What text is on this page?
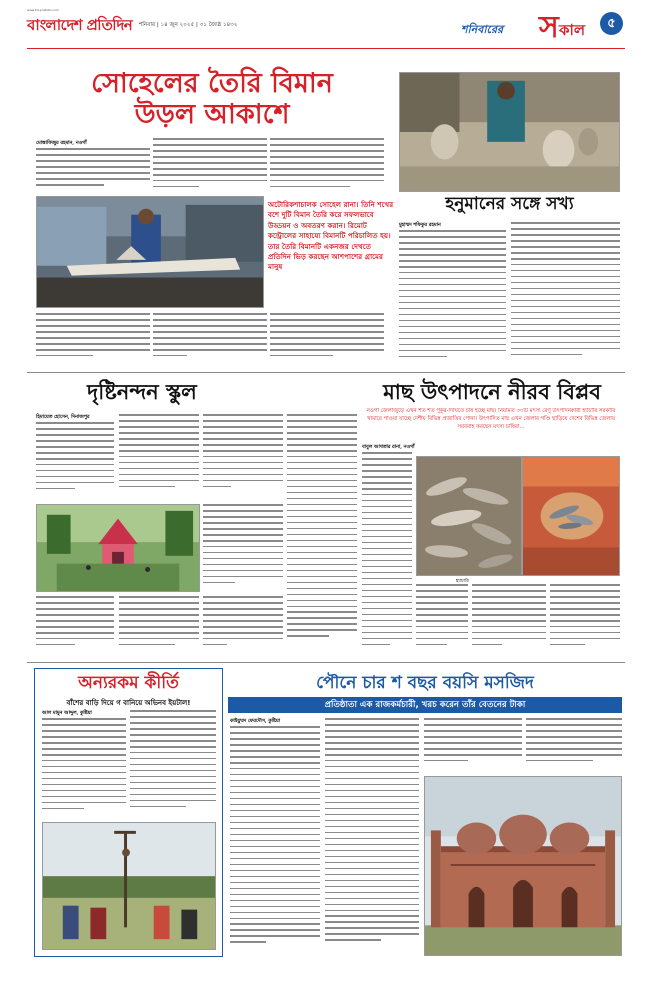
বাংলাদেশ প্রতিদিন
www.bd-pratidin.com
শনিবার | ১৪ জুন ২০২৫ | ৩১ জ্যৈষ্ঠ ১৪৩২	শনিবারের স কাল	৫
সোহেলের তৈরি বিমান
উড়ল আকাশে
মোস্তাফিজুর রহমান, নওগাঁ
অটোরিকশাচালক সোহেল রানা। তিনি শখের বশে দুটি বিমান তৈরি করে সফলভাবে উড্ডয়ন ও অবতরণ করান। রিমোট কন্ট্রোলের সাহায্যে বিমানটি পরিচালিত হয়। তার তৈরি বিমানটি একনজর দেখতে প্রতিদিন ভিড় করছেন আশপাশের গ্রামের মানুষ
হনুমানের সঙ্গে সখ্য
মুহাম্মদ শফিকুর রহমান
দৃষ্টিনন্দন স্কুল
হিমায়েত হোসেন, দিনাজপুর
মাছ উৎপাদনে নীরব বিপ্লব
নওগাঁ জেলাজুড়ে এখন শত শত পুকুর-দিঘিতে চাষ হচ্ছে মাছ। নিয়মিত ৩৩টি মৎস্য রেণু উৎপাদনকারী হ্যাচারি সরকারি খামারে পাওয়া যাচ্ছে দেশীয় বিভিন্ন প্রজাতির পোনা। উৎপাদিত মাছ এখন জেলার গণ্ডি ছাড়িয়ে দেশের বিভিন্ন জেলায় সরবরাহ করছেন মৎস্য চাষিরা...
বাবুল আখতার রানা, নওগাঁ
হ্যাচারি
অন্যরকম কীর্তি
বাঁশের বাড়ি দিয়ে গ বানিয়ে অভিনব ইয়টাল!
আল মামুন আব্দুল, কুষ্টিয়া
পৌনে চার শ বছর বয়সি মসজিদ
প্রতিষ্ঠাতা এক রাজকর্মচারী, খরচ করেন তাঁর বেতনের টাকা
কাইয়ুম্মদ ফেরদৌস, কুষ্টিয়া
